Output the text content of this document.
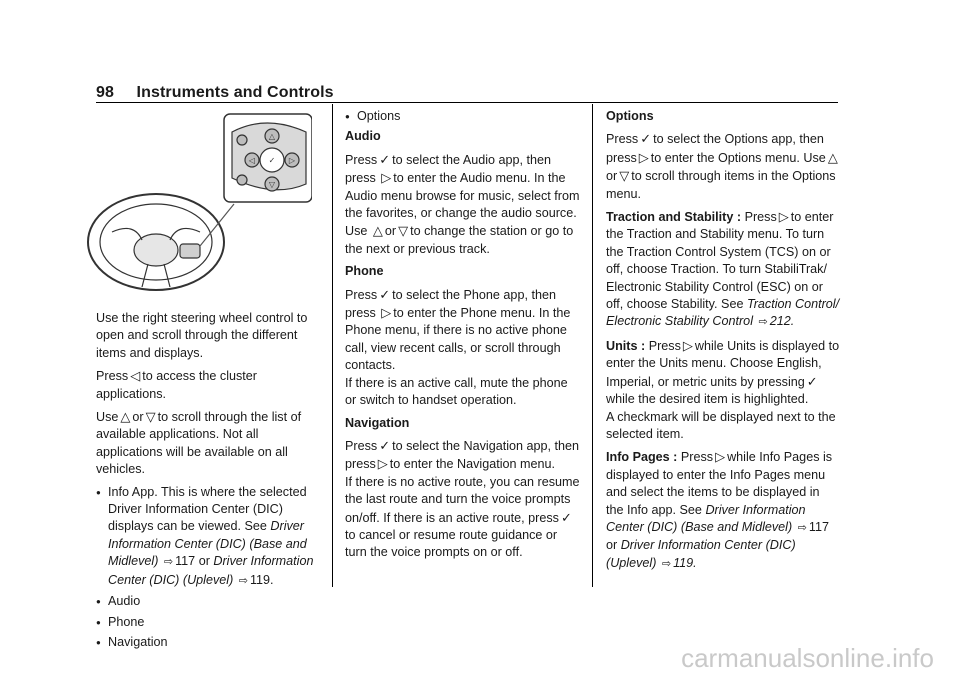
98 Instruments and Controls
✓
△
▽
◁	▷

Use the right steering wheel control to open and scroll through the different items and displays.

Press ◁ to access the cluster applications.

Use △ or ▽ to scroll through the list of available applications. Not all applications will be available on all vehicles.

● Info App. This is where the selected Driver Information Center (DIC) displays can be viewed. See Driver Information Center (DIC) (Base and Midlevel) ⇨ 117 or Driver Information Center (DIC) (Uplevel) ⇨ 119.
● Audio
● Phone
● Navigation
● Options

Audio

Press ✓ to select the Audio app, then press ▷ to enter the Audio menu. In the Audio menu browse for music, select from the favorites, or change the audio source. Use △ or ▽ to change the station or go to the next or previous track.

Phone

Press ✓ to select the Phone app, then press ▷ to enter the Phone menu. In the Phone menu, if there is no active phone call, view recent calls, or scroll through contacts.
If there is an active call, mute the phone or switch to handset operation.

Navigation

Press ✓ to select the Navigation app, then press ▷ to enter the Navigation menu.
If there is no active route, you can resume the last route and turn the voice prompts on/off. If there is an active route, press ✓ to cancel or resume route guidance or turn the voice prompts on or off.

Options

Press ✓ to select the Options app, then press ▷ to enter the Options menu. Use △ or ▽ to scroll through items in the Options menu.

Traction and Stability : Press ▷ to enter the Traction and Stability menu. To turn the Traction Control System (TCS) on or off, choose Traction. To turn StabiliTrak/ Electronic Stability Control (ESC) on or off, choose Stability. See Traction Control/ Electronic Stability Control ⇨ 212.

Units : Press ▷ while Units is displayed to enter the Units menu. Choose English, Imperial, or metric units by pressing ✓ while the desired item is highlighted.
A checkmark will be displayed next to the selected item.

Info Pages : Press ▷ while Info Pages is displayed to enter the Info Pages menu and select the items to be displayed in the Info app. See Driver Information Center (DIC) (Base and Midlevel) ⇨ 117 or Driver Information Center (DIC) (Uplevel) ⇨ 119.

carmanualsonline.info
